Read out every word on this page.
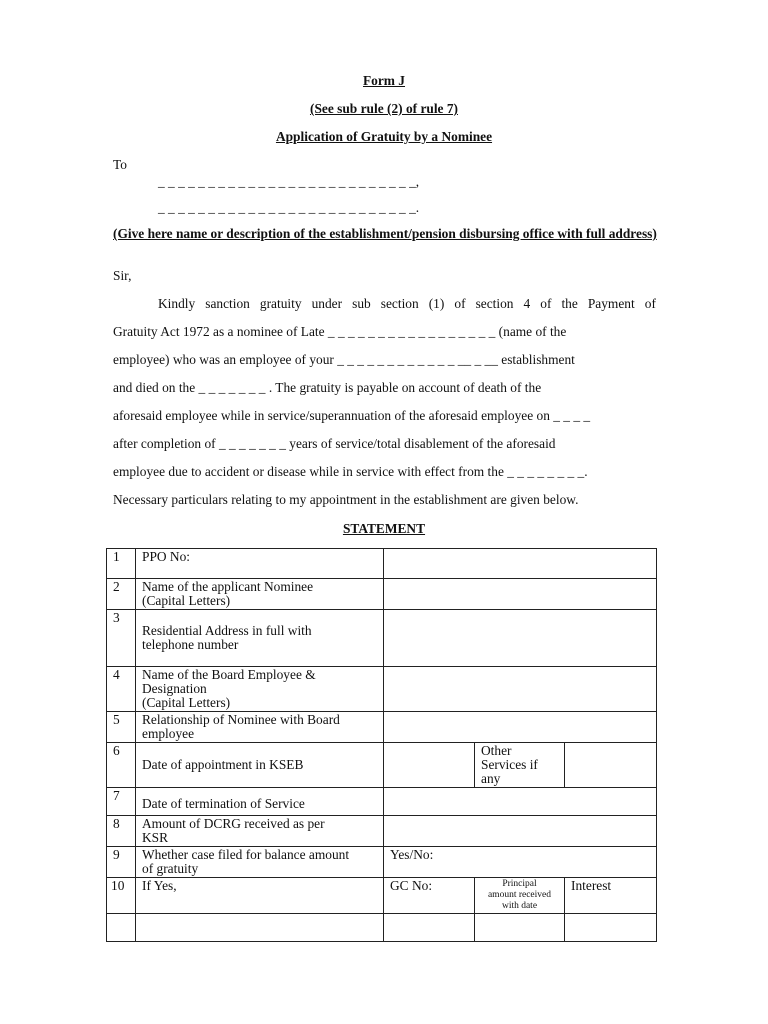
Form J
(See sub rule (2) of rule 7)
Application of Gratuity by a Nominee
To
_ _ _ _ _ _ _ _ _ _ _ _ _ _ _ _ _ _ _ _ _ _ _ _ _ _,
_ _ _ _ _ _ _ _ _ _ _ _ _ _ _ _ _ _ _ _ _ _ _ _ _ _.
(Give here name or description of the establishment/pension disbursing office with full address)
Sir,
Kindly sanction gratuity under sub section (1) of section 4 of the Payment of
Gratuity Act 1972 as a nominee of Late _ _ _ _ _ _ _ _ _ _ _ _ _ _ _ _ _ (name of the
employee) who was an employee of your _ _ _ _ _ _ _ _ _ _ _ _ __ _ __ establishment
and died on the _ _ _ _ _ _ _ . The gratuity is payable on account of death of the
aforesaid employee while in service/superannuation of the aforesaid employee on _ _ _ _
after completion of _ _ _ _ _ _ _ years of service/total disablement of the aforesaid
employee due to accident or disease while in service with effect from the _ _ _ _ _ _ _ _.
Necessary particulars relating to my appointment in the establishment are given below.
STATEMENT
1	PPO No:			
2	Name of the applicant Nominee
(Capital Letters)			
3	Residential Address in full with
telephone number			
4	Name of the Board Employee &
Designation
(Capital Letters)			
5	Relationship of Nominee with Board
employee			
6	Date of appointment in KSEB		Other
Services if
any	
7	Date of termination of Service			
8	Amount of DCRG received as per
KSR			
9	Whether case filed for balance amount
of gratuity	Yes/No:		
10	If Yes,	GC No:	Principal
amount received
with date	Interest
